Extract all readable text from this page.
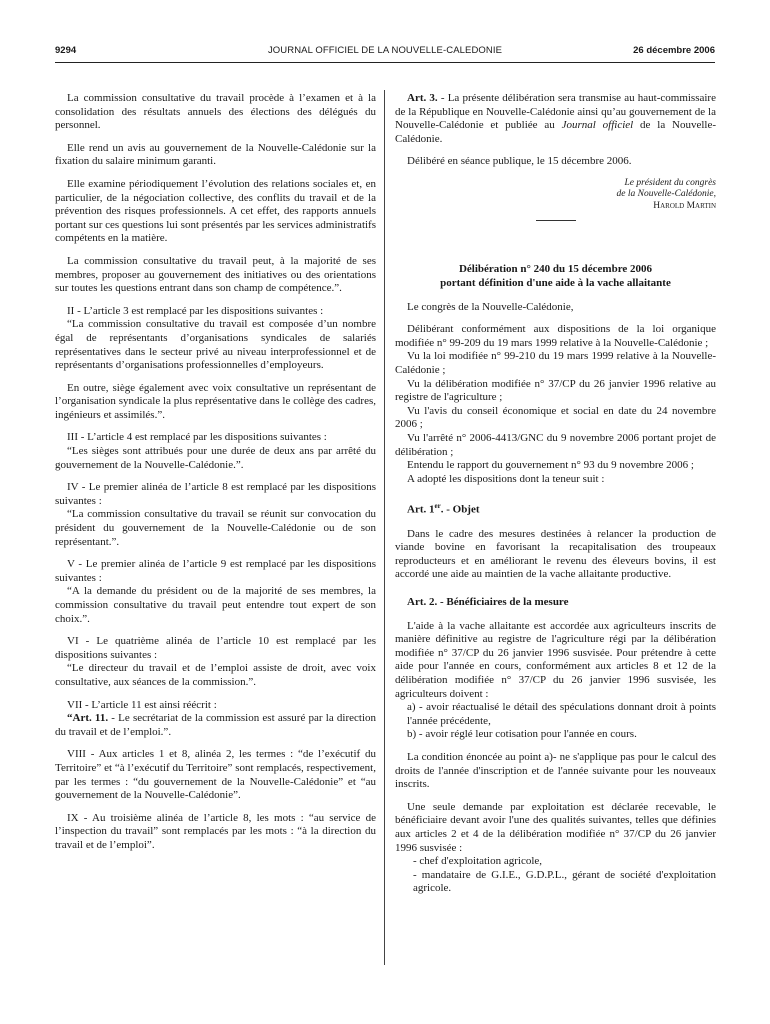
9294	JOURNAL OFFICIEL DE LA NOUVELLE-CALEDONIE	26 décembre 2006

La commission consultative du travail procède à l’examen et à la consolidation des résultats annuels des élections des délégués du personnel.

Elle rend un avis au gouvernement de la Nouvelle-Calédonie sur la fixation du salaire minimum garanti.

Elle examine périodiquement l’évolution des relations sociales et, en particulier, de la négociation collective, des conflits du travail et de la prévention des risques professionnels. A cet effet, des rapports annuels portant sur ces questions lui sont présentés par les services administratifs compétents en la matière.

La commission consultative du travail peut, à la majorité de ses membres, proposer au gouvernement des initiatives ou des orientations sur toutes les questions entrant dans son champ de compétence.”.

II - L’article 3 est remplacé par les dispositions suivantes :

“La commission consultative du travail est composée d’un nombre égal de représentants d’organisations syndicales de salariés représentatives dans le secteur privé au niveau interprofessionnel et de représentants d’organisations professionnelles d’employeurs.

En outre, siège également avec voix consultative un représentant de l’organisation syndicale la plus représentative dans le collège des cadres, ingénieurs et assimilés.”.

III - L’article 4 est remplacé par les dispositions suivantes :

“Les sièges sont attribués pour une durée de deux ans par arrêté du gouvernement de la Nouvelle-Calédonie.”.

IV - Le premier alinéa de l’article 8 est remplacé par les dispositions suivantes :

“La commission consultative du travail se réunit sur convocation du président du gouvernement de la Nouvelle-Calédonie ou de son représentant.”.

V - Le premier alinéa de l’article 9 est remplacé par les dispositions suivantes :

“A la demande du président ou de la majorité de ses membres, la commission consultative du travail peut entendre tout expert de son choix.”.

VI - Le quatrième alinéa de l’article 10 est remplacé par les dispositions suivantes :

“Le directeur du travail et de l’emploi assiste de droit, avec voix consultative, aux séances de la commission.”.

VII - L’article 11 est ainsi réécrit :

“Art. 11. - Le secrétariat de la commission est assuré par la direction du travail et de l’emploi.”.

VIII - Aux articles 1 et 8, alinéa 2, les termes : “de l’exécutif du Territoire” et “à l’exécutif du Territoire” sont remplacés, respectivement, par les termes : “du gouvernement de la Nouvelle-Calédonie” et “au gouvernement de la Nouvelle-Calédonie”.

IX - Au troisième alinéa de l’article 8, les mots : “au service de l’inspection du travail” sont remplacés par les mots : “à la direction du travail et de l’emploi”.

Art. 3. - La présente délibération sera transmise au haut-commissaire de la République en Nouvelle-Calédonie ainsi qu’au gouvernement de la Nouvelle-Calédonie et publiée au Journal officiel de la Nouvelle-Calédonie.

Délibéré en séance publique, le 15 décembre 2006.

Le président du congrès
de la Nouvelle-Calédonie,
Harold Martin
Délibération n° 240 du 15 décembre 2006
portant définition d'une aide à la vache allaitante

Le congrès de la Nouvelle-Calédonie,

Délibérant conformément aux dispositions de la loi organique modifiée n° 99-209 du 19 mars 1999 relative à la Nouvelle-Calédonie ;

Vu la loi modifiée n° 99-210 du 19 mars 1999 relative à la Nouvelle-Calédonie ;

Vu la délibération modifiée n° 37/CP du 26 janvier 1996 relative au registre de l'agriculture ;

Vu l'avis du conseil économique et social en date du 24 novembre 2006 ;

Vu l'arrêté n° 2006-4413/GNC du 9 novembre 2006 portant projet de délibération ;

Entendu le rapport du gouvernement n° 93 du 9 novembre 2006 ;

A adopté les dispositions dont la teneur suit :

Art. 1er. - Objet

Dans le cadre des mesures destinées à relancer la production de viande bovine en favorisant la recapitalisation des troupeaux reproducteurs et en améliorant le revenu des éleveurs bovins, il est accordé une aide au maintien de la vache allaitante productive.

Art. 2. - Bénéficiaires de la mesure

L'aide à la vache allaitante est accordée aux agriculteurs inscrits de manière définitive au registre de l'agriculture régi par la délibération modifiée n° 37/CP du 26 janvier 1996 susvisée. Pour prétendre à cette aide pour l'année en cours, conformément aux articles 8 et 12 de la délibération modifiée n° 37/CP du 26 janvier 1996 susvisée, les agriculteurs doivent :

a) - avoir réactualisé le détail des spéculations donnant droit à points l'année précédente,

b) - avoir réglé leur cotisation pour l'année en cours.

La condition énoncée au point a)- ne s'applique pas pour le calcul des droits de l'année d'inscription et de l'année suivante pour les nouveaux inscrits.

Une seule demande par exploitation est déclarée recevable, le bénéficiaire devant avoir l'une des qualités suivantes, telles que définies aux articles 2 et 4 de la délibération modifiée n° 37/CP du 26 janvier 1996 susvisée :

- chef d'exploitation agricole,

- mandataire de G.I.E., G.D.P.L., gérant de société d'exploitation agricole.
